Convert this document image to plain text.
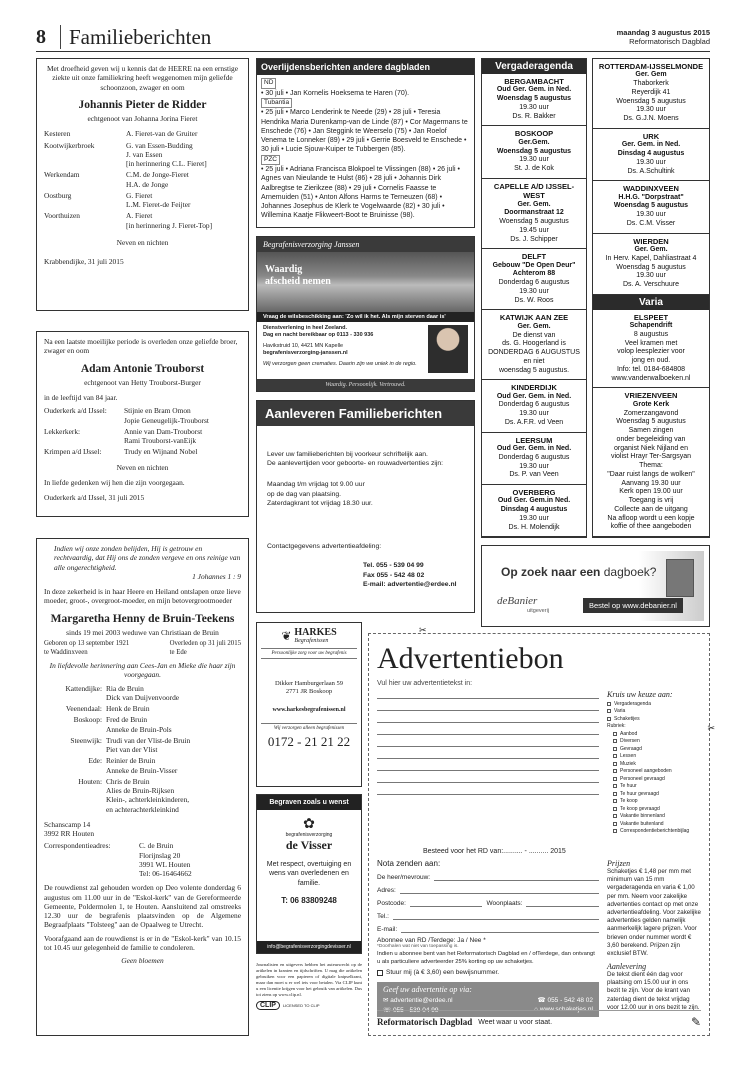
8	Familieberichten	maandag 3 augustus 2015
Reformatorisch Dagblad
Met droefheid geven wij u kennis dat de HEERE na een ernstige ziekte uit onze familiekring heeft weggenomen mijn geliefde schoonzoon, zwager en oom
Johannis Pieter de Ridder
echtgenoot van Johanna Jorina Fieret
Kesteren	A. Fieret-van de Gruiter
Kootwijkerbroek	G. van Essen-Budding
J. van Essen
[in herinnering C.L. Fieret]
Werkendam	C.M. de Jonge-Fieret
H.A. de Jonge
Oostburg	G. Fieret
L.M. Fieret-de Feijter
Voorthuizen	A. Fieret
[in herinnering J. Fieret-Top]
Neven en nichten
Krabbendijke, 31 juli 2015
Na een laatste moeilijke periode is overleden onze geliefde broer, zwager en oom
Adam Antonie Trouborst
echtgenoot van Hetty Trouborst-Burger
in de leeftijd van 84 jaar.
Ouderkerk a/d IJssel:	Stijnie en Bram Omon
Jopie Geneugelijk-Trouborst
Lekkerkerk:	Annie van Dam-Trouborst
Rami Trouborst-vanEijk
Krimpen a/d IJssel:	Trudy en Wijnand Nobel
Neven en nichten
In liefde gedenken wij hen die zijn voorgegaan.
Ouderkerk a/d IJssel, 31 juli 2015
Indien wij onze zonden belijden, Hij is getrouw en rechtvaardig, dat Hij ons de zonden vergeve en ons reinige van alle ongerechtigheid.
1 Johannes 1 : 9
In deze zekerheid is in haar Heere en Heiland ontslapen onze lieve moeder, groot-, overgroot-moeder, en mijn betovergrootmoeder
Margaretha Henny de Bruin-Teekens
sinds 19 mei 2003 weduwe van Christiaan de Bruin
Geboren op 13 september 1921
te Waddinxveen
Overleden op 31 juli 2015
te Ede
In liefdevolle herinnering aan Cees-Jan en Mieke die haar zijn voorgegaan.
Kattendijke: Ria de Bruin
Dick van Duijvenvoorde
Veenendaal: Henk de Bruin
Boskoop: Fred de Bruin
Anneke de Bruin-Pols
Steenwijk: Trudi van der Vlist-de Bruin
Piet van der Vlist
Ede: Reinier de Bruin
Anneke de Bruin-Visser
Houten: Chris de Bruin
Alies de Bruin-Rijksen
Klein-, achterkleinkinderen,
en achterachterkleinkind
Schanscamp 14
3992 RR Houten
Correspondentieadres:	C. de Bruin
Florijnslag 20
3991 WL Houten
Tel: 06-16464662
De rouwdienst zal gehouden worden op Deo volente donderdag 6 augustus om 11.00 uur in de "Eskol-kerk" van de Gereformeerde Gemeente, Poldermolen 1, te Houten. Aansluitend zal omstreeks 12.30 uur de begrafenis plaatsvinden op de Algemene Begraafplaats "Tolsteeg" aan de Opaalweg te Utrecht.
Voorafgaand aan de rouwdienst is er in de "Eskol-kerk" van 10.15 tot 10.45 uur gelegenheid de familie te condoleren.
Geen bloemen
Overlijdensberichten andere dagbladen
ND
• 30 juli • Jan Kornelis Hoeksema te Haren (70).
Tubantia
• 25 juli • Marco Lenderink te Neede (29) • 28 juli • Teresia Hendrika Maria Durenkamp-van de Linde (87) • Cor Magermans te Enschede (76) • Jan Steggink te Weerselo (75) • Jan Roelof Venema te Lonneker (89) • 29 juli • Gerrie Boesveld te Enschede • 30 juli • Lucie Sjouw-Kuiper te Tubbergen (85).
PZC
• 25 juli • Adriana Francisca Blokpoel te Vlissingen (88) • 26 juli • Agnes van Nieulande te Hulst (86) • 28 juli • Johannis Dirk Aalbregtse te Zierikzee (88) • 29 juli • Cornelis Faasse te Arnemuiden (51) • Anton Alfons Harms te Terneuzen (68) • Johannes Josephus de Klerk te Vogelwaarde (82) • 30 juli • Willemina Kaatje Flikweert-Boot te Bruinisse (98).
Begrafenisverzorging Janssen
Waardig
afscheid nemen
Vraag de wilsbeschikking aan: 'Zo wil ik het. Als mijn sterven daar is'
Dienstverlening in heel Zeeland.
Dag en nacht bereikbaar op 0113 - 330 936
Havikstruid 10, 4421 MN Kapelle
begrafenisverzorging-janssen.nl
Wij verzorgen geen crematies. Daarin zijn we uniek in de regio.
Waardig. Persoonlijk. Vertrouwd.
Aanleveren Familieberichten

Lever uw familieberichten bij voorkeur schriftelijk aan.
De aanlevertijden voor geboorte- en rouwadvertenties zijn:

Maandag t/m vrijdag tot 9.00 uur
op de dag van plaatsing.
Zaterdagkrant tot vrijdag 18.30 uur.

Contactgegevens advertentieafdeling:

Tel. 055 - 539 04 99
Fax 055 - 542 48 02
E-mail: advertentie@erdee.nl
Vergaderagenda
BERGAMBACHT
Oud Ger. Gem. in Ned.
Woensdag 5 augustus
19.30 uur
Ds. R. Bakker
BOSKOOP
Ger.Gem.
Woensdag 5 augustus
19.30 uur
St. J. de Kok
CAPELLE A/D IJSSEL-WEST
Ger. Gem.
Doormanstraat 12
Woensdag 5 augustus
19.45 uur
Ds. J. Schipper
DELFT
Gebouw "De Open Deur"
Achterom 88
Donderdag 6 augustus
19.30 uur
Ds. W. Roos
KATWIJK AAN ZEE
Ger. Gem.
De dienst van
ds. G. Hoogerland is
DONDERDAG 6 AUGUSTUS
en niet
woensdag 5 augustus.
KINDERDIJK
Oud Ger. Gem. in Ned.
Donderdag 6 augustus
19.30 uur
Ds. A.F.R. vd Veen
LEERSUM
Oud Ger. Gem. in Ned.
Donderdag 6 augustus
19.30 uur
Ds. P. van Veen
OVERBERG
Oud Ger. Gem.in Ned.
Dinsdag 4 augustus
19.30 uur
Ds. H. Molendijk
ROTTERDAM-IJSSELMONDE
Ger. Gem
Thaborkerk
Reyerdijk 41
Woensdag 5 augustus
19.30 uur
Ds. G.J.N. Moens
URK
Ger. Gem. in Ned.
Dinsdag 4 augustus
19.30 uur
Ds. A.Schultink
WADDINXVEEN
H.H.G. "Dorpstraat"
Woensdag 5 augustus
19.30 uur
Ds. C.M. Visser
WIERDEN
Ger. Gem.
In Herv. Kapel, Dahliastraat 4
Woensdag 5 augustus
19.30 uur
Ds. A. Verschuure
Varia
ELSPEET
Schapendrift
8 augustus
Veel kramen met
volop leesplezier voor
jong en oud.
Info: tel. 0184-684808
www.vanderwalboeken.nl
VRIEZENVEEN
Grote Kerk
Zomerzangavond
Woensdag 5 augustus
Samen zingen
onder begeleiding van
organist Niek Nijland en
violist Hrayr Ter-Sargsyan
Thema:
"Daar ruist langs de wolken"
Aanvang 19.30 uur
Kerk open 19.00 uur
Toegang is vrij
Collecte aan de uitgang
Na afloop wordt u een kopje
koffie of thee aangeboden
Op zoek naar een dagboek?
deBanier
uitgeverij
Bestel op www.debanier.nl
❦ HARKES
Begrafenissen
Persoonlijke zorg voor uw begrafenis
Dikker Hamburgerlaan 59
2771 JR Boskoop
www.harkesbegrafenissen.nl
Wij verzorgen alleen begrafenissen
0172 - 21 21 22
Begraven zoals u wenst
✿
begrafenisverzorging
de Visser
Met respect, overtuiging en wens van overledenen en familie.
T: 06 83809248
info@begrafenisverzorgingdevisser.nl
Journalisten en uitgevers hebben het auteursrecht op de artikelen in kranten en tijdschriften. U mag die artikelen gebruiken voor een papieren of digitale knipselkrant, maar dan moet u er wel iets voor betalen. Via CLIP kunt u een licentie krijgen voor het gebruik van artikelen. Dus tot ziens op www.clip.nl.
CLIP	LICENSED TO CLIP
✂
✂
Advertentiebon
Vul hier uw advertentietekst in:
Kruis uw keuze aan:
Vergaderagenda
Varia
Schaketijes
Rubriek:
Aanbod
Diversen
Gevraagd
Lessen
Muziek
Personeel aangeboden
Personeel gevraagd
Te huur
Te huur gevraagd
Te koop
Te koop gevraagd
Vakantie binnenland
Vakantie buitenland
Correspondentieberichtenbijlag
Besteed voor het RD van:.......... - .......... 2015
Nota zenden aan:
De heer/mevrouw:
Adres:
Postcode:	Woonplaats:
Tel.:
E-mail:
Abonnee van RD /Terdege: Ja / Nee *
*Doorhalen wat niet van toepassing is.
Indien u abonnee bent van het Reformatorisch Dagblad en / ofTerdege, dan ontvangt u als particuliere adverteerder 25% korting op uw schaketjes.
Stuur mij (à € 3,60) een bewijsnummer.
Geef uw advertentie op via:
✉ advertentie@erdee.nl	☎ 055 - 542 48 02
☏ 055 - 539 04 99	⌂ www.schaketjes.nl
Prijzen
Schaketjes € 1,48 per mm met minimum van 15 mm vergaderagenda en varia € 1,00 per mm. Neem voor zakelijke advertenties contact op met onze advertentieafdeling. Voor zakelijke advertenties gelden namelijk aanmerkelijk lagere prijzen. Voor brieven onder nummer wordt € 3,60 berekend. Prijzen zijn exclusief BTW.
Aanlevering
De tekst dient één dag voor plaatsing om 15.00 uur in ons bezit te zijn. Voor de krant van zaterdag dient de tekst vrijdag voor 12.00 uur in ons bezit te zijn.
Reformatorisch Dagblad Weet waar u voor staat.	✎
